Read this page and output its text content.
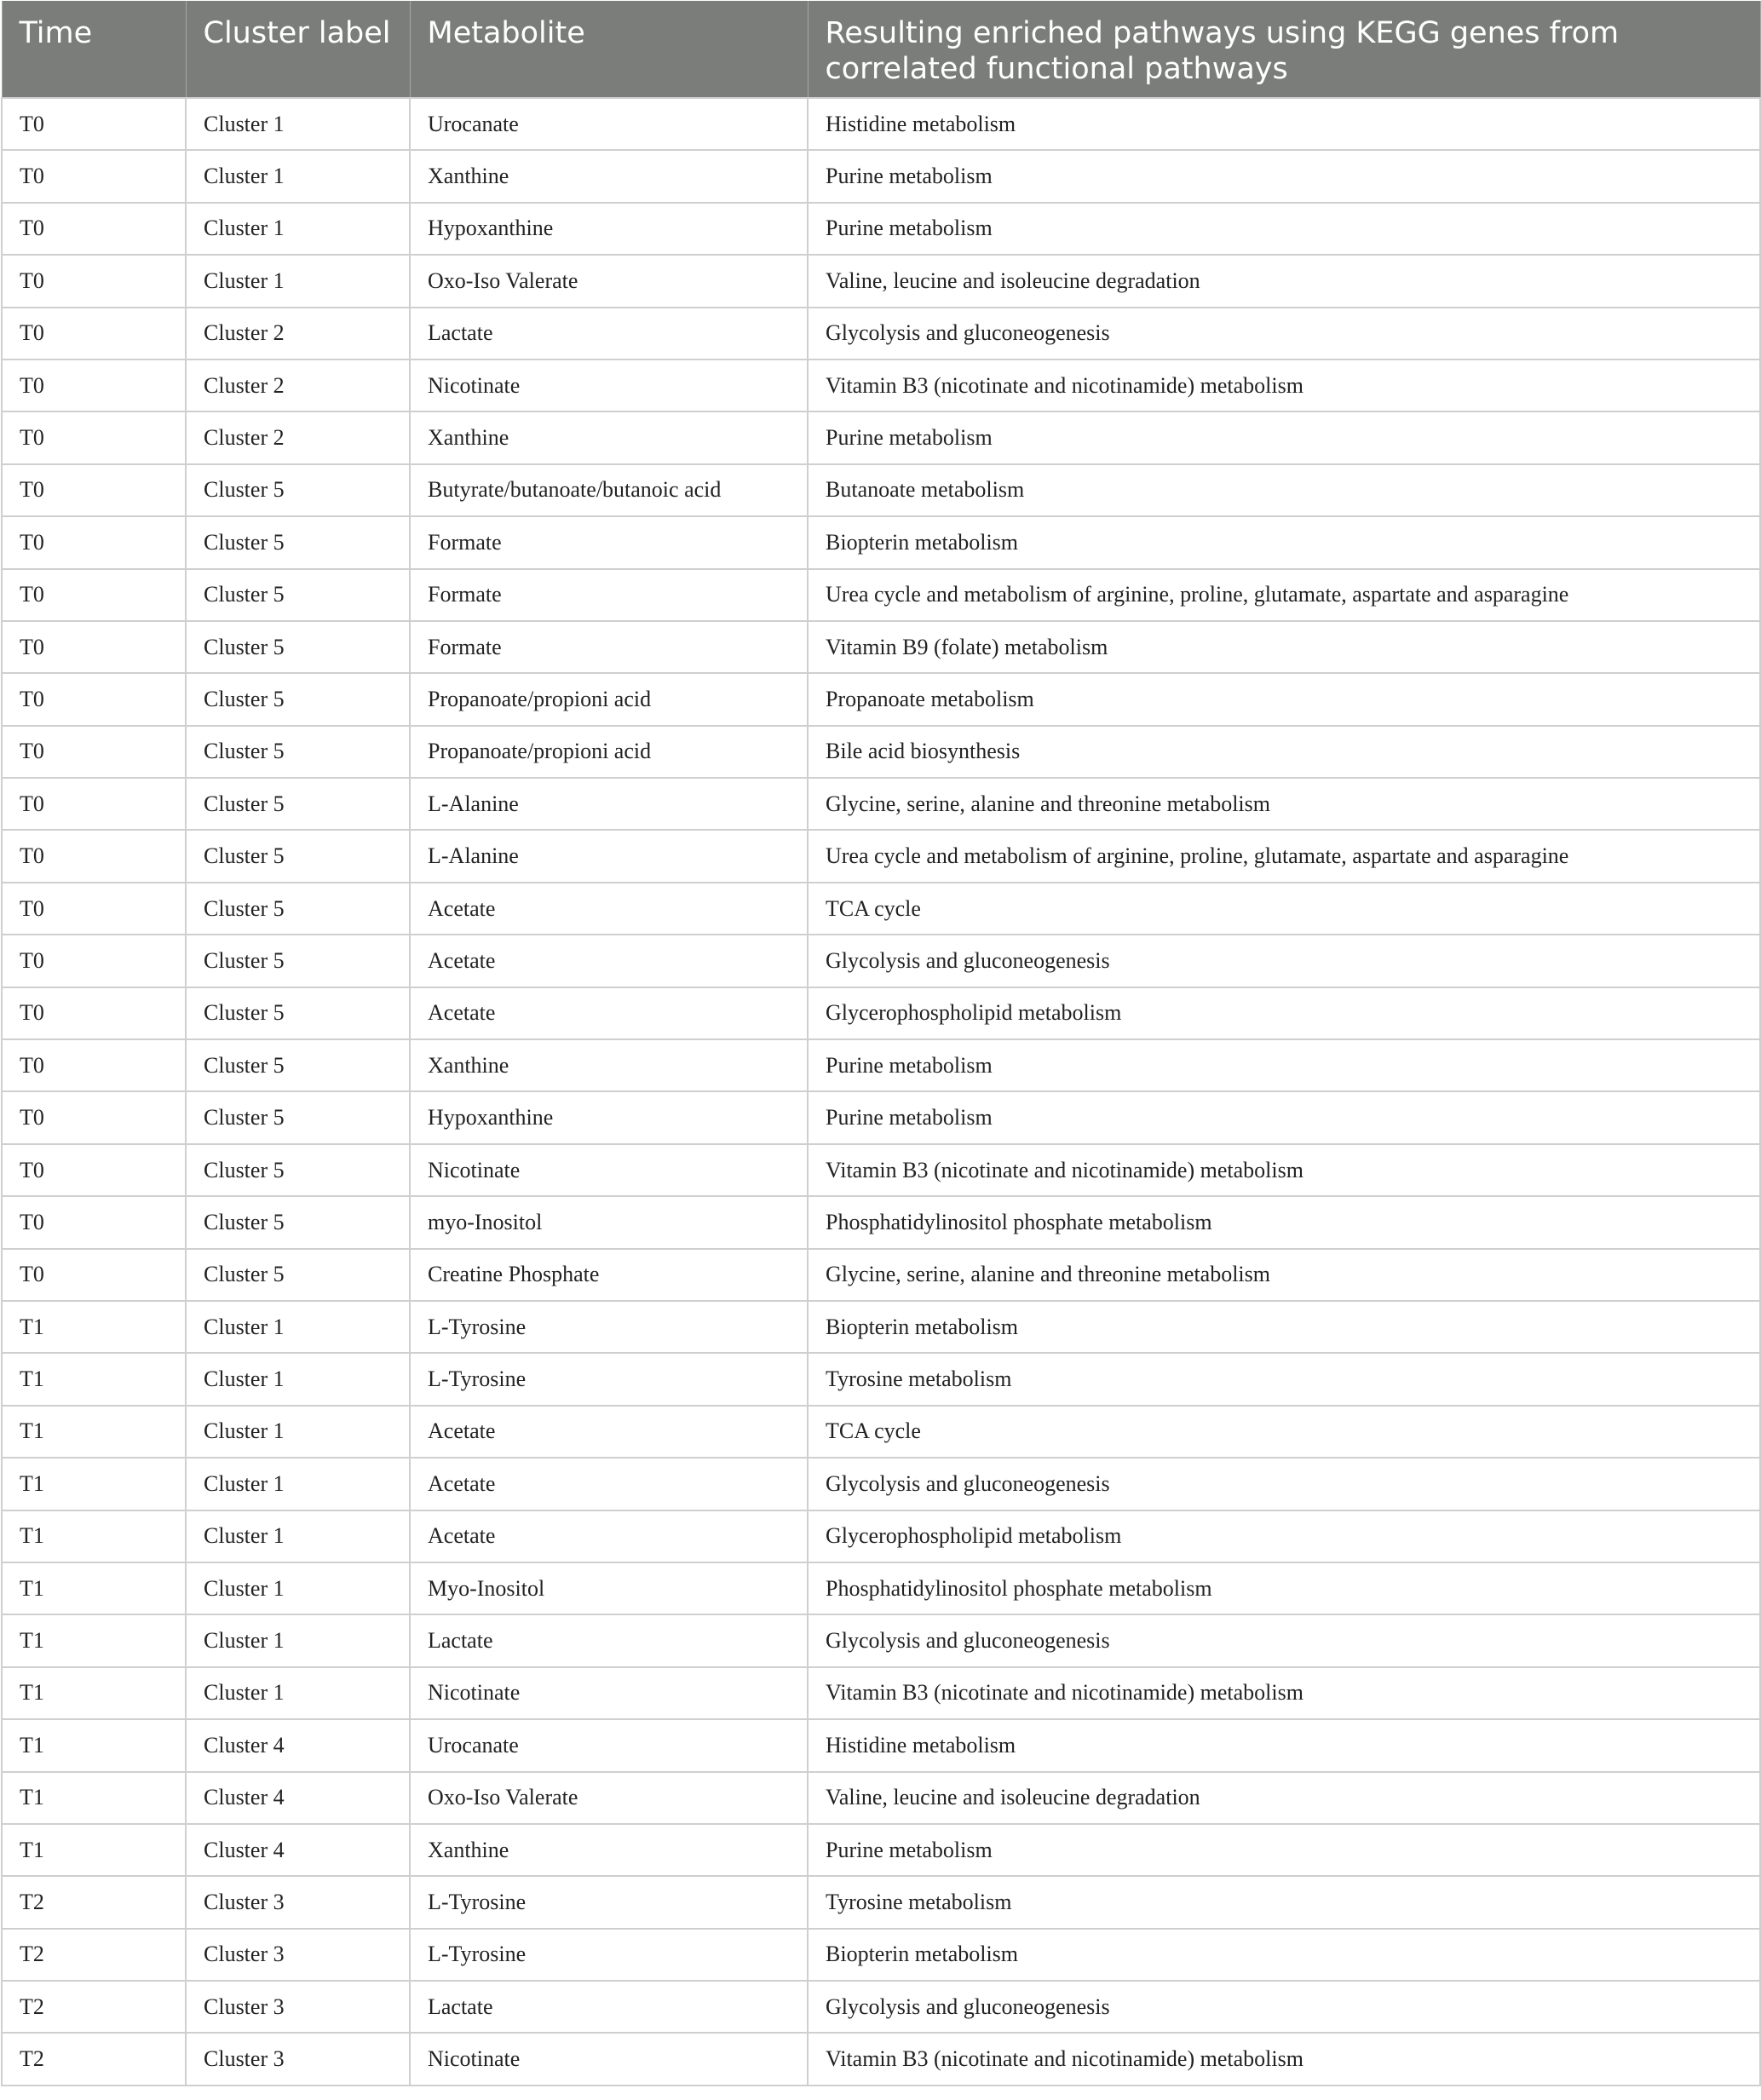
Time	Cluster label	Metabolite	Resulting enriched pathways using KEGG genes from correlated functional pathways
T0	Cluster 1	Urocanate	Histidine metabolism
T0	Cluster 1	Xanthine	Purine metabolism
T0	Cluster 1	Hypoxanthine	Purine metabolism
T0	Cluster 1	Oxo-Iso Valerate	Valine, leucine and isoleucine degradation
T0	Cluster 2	Lactate	Glycolysis and gluconeogenesis
T0	Cluster 2	Nicotinate	Vitamin B3 (nicotinate and nicotinamide) metabolism
T0	Cluster 2	Xanthine	Purine metabolism
T0	Cluster 5	Butyrate/butanoate/butanoic acid	Butanoate metabolism
T0	Cluster 5	Formate	Biopterin metabolism
T0	Cluster 5	Formate	Urea cycle and metabolism of arginine, proline, glutamate, aspartate and asparagine
T0	Cluster 5	Formate	Vitamin B9 (folate) metabolism
T0	Cluster 5	Propanoate/propioni acid	Propanoate metabolism
T0	Cluster 5	Propanoate/propioni acid	Bile acid biosynthesis
T0	Cluster 5	L-Alanine	Glycine, serine, alanine and threonine metabolism
T0	Cluster 5	L-Alanine	Urea cycle and metabolism of arginine, proline, glutamate, aspartate and asparagine
T0	Cluster 5	Acetate	TCA cycle
T0	Cluster 5	Acetate	Glycolysis and gluconeogenesis
T0	Cluster 5	Acetate	Glycerophospholipid metabolism
T0	Cluster 5	Xanthine	Purine metabolism
T0	Cluster 5	Hypoxanthine	Purine metabolism
T0	Cluster 5	Nicotinate	Vitamin B3 (nicotinate and nicotinamide) metabolism
T0	Cluster 5	myo-Inositol	Phosphatidylinositol phosphate metabolism
T0	Cluster 5	Creatine Phosphate	Glycine, serine, alanine and threonine metabolism
T1	Cluster 1	L-Tyrosine	Biopterin metabolism
T1	Cluster 1	L-Tyrosine	Tyrosine metabolism
T1	Cluster 1	Acetate	TCA cycle
T1	Cluster 1	Acetate	Glycolysis and gluconeogenesis
T1	Cluster 1	Acetate	Glycerophospholipid metabolism
T1	Cluster 1	Myo-Inositol	Phosphatidylinositol phosphate metabolism
T1	Cluster 1	Lactate	Glycolysis and gluconeogenesis
T1	Cluster 1	Nicotinate	Vitamin B3 (nicotinate and nicotinamide) metabolism
T1	Cluster 4	Urocanate	Histidine metabolism
T1	Cluster 4	Oxo-Iso Valerate	Valine, leucine and isoleucine degradation
T1	Cluster 4	Xanthine	Purine metabolism
T2	Cluster 3	L-Tyrosine	Tyrosine metabolism
T2	Cluster 3	L-Tyrosine	Biopterin metabolism
T2	Cluster 3	Lactate	Glycolysis and gluconeogenesis
T2	Cluster 3	Nicotinate	Vitamin B3 (nicotinate and nicotinamide) metabolism
